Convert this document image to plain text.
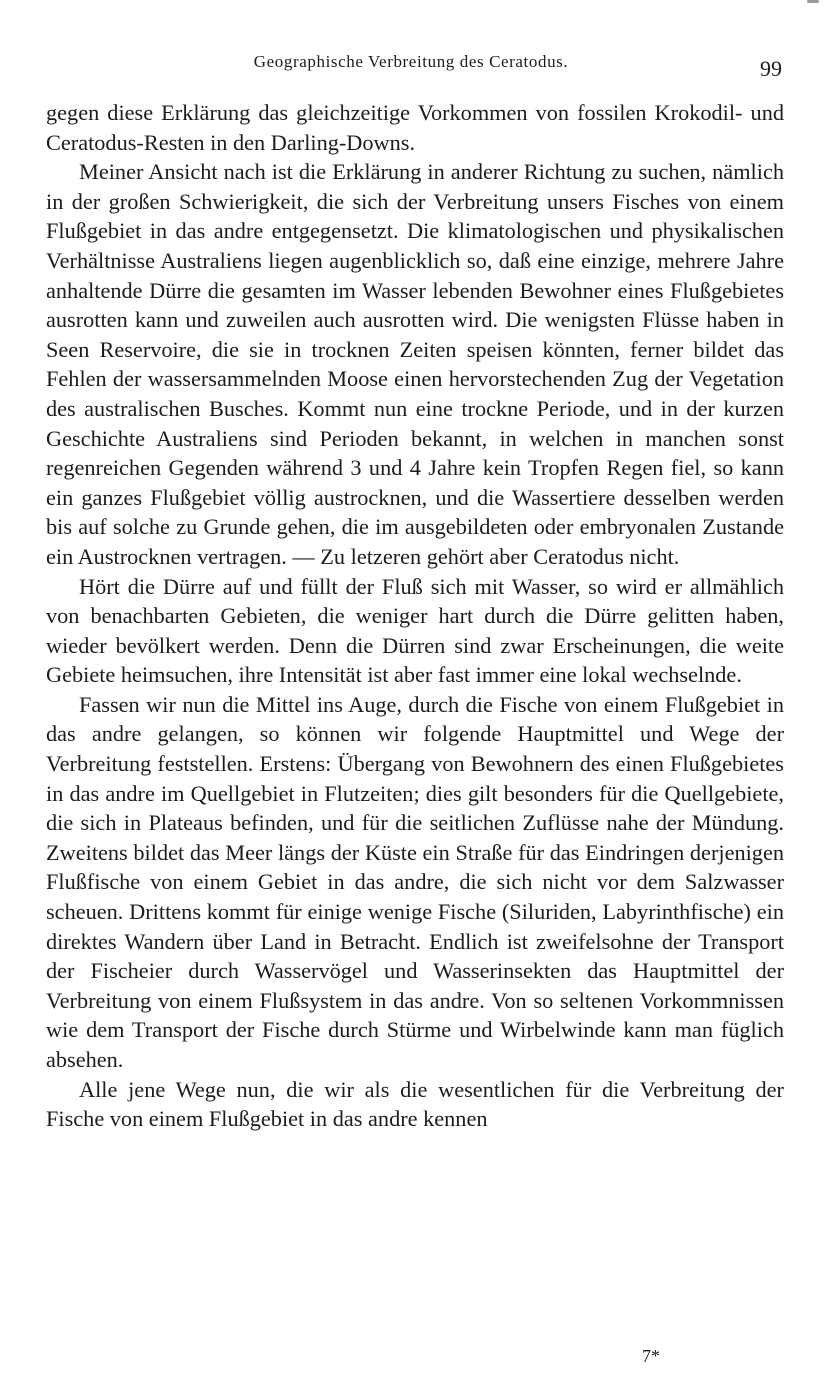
Geographische Verbreitung des Ceratodus.	99

gegen diese Erklärung das gleichzeitige Vorkommen von fossilen Krokodil- und Ceratodus-Resten in den Darling-Downs.

Meiner Ansicht nach ist die Erklärung in anderer Richtung zu suchen, nämlich in der großen Schwierigkeit, die sich der Verbreitung unsers Fisches von einem Flußgebiet in das andre entgegensetzt. Die klimatologischen und physikalischen Verhältnisse Australiens liegen augenblicklich so, daß eine einzige, mehrere Jahre anhaltende Dürre die gesamten im Wasser lebenden Bewohner eines Flußgebietes ausrotten kann und zuweilen auch ausrotten wird. Die wenigsten Flüsse haben in Seen Reservoire, die sie in trocknen Zeiten speisen könnten, ferner bildet das Fehlen der wassersammelnden Moose einen hervorstechenden Zug der Vegetation des australischen Busches. Kommt nun eine trockne Periode, und in der kurzen Geschichte Australiens sind Perioden bekannt, in welchen in manchen sonst regenreichen Gegenden während 3 und 4 Jahre kein Tropfen Regen fiel, so kann ein ganzes Flußgebiet völlig austrocknen, und die Wassertiere desselben werden bis auf solche zu Grunde gehen, die im ausgebildeten oder embryonalen Zustande ein Austrocknen vertragen. — Zu letzeren gehört aber Ceratodus nicht.

Hört die Dürre auf und füllt der Fluß sich mit Wasser, so wird er allmählich von benachbarten Gebieten, die weniger hart durch die Dürre gelitten haben, wieder bevölkert werden. Denn die Dürren sind zwar Erscheinungen, die weite Gebiete heimsuchen, ihre Intensität ist aber fast immer eine lokal wechselnde.

Fassen wir nun die Mittel ins Auge, durch die Fische von einem Flußgebiet in das andre gelangen, so können wir folgende Hauptmittel und Wege der Verbreitung feststellen. Erstens: Übergang von Bewohnern des einen Flußgebietes in das andre im Quellgebiet in Flutzeiten; dies gilt besonders für die Quellgebiete, die sich in Plateaus befinden, und für die seitlichen Zuflüsse nahe der Mündung. Zweitens bildet das Meer längs der Küste ein Straße für das Eindringen derjenigen Flußfische von einem Gebiet in das andre, die sich nicht vor dem Salzwasser scheuen. Drittens kommt für einige wenige Fische (Siluriden, Labyrinthfische) ein direktes Wandern über Land in Betracht. Endlich ist zweifelsohne der Transport der Fischeier durch Wasservögel und Wasserinsekten das Hauptmittel der Verbreitung von einem Flußsystem in das andre. Von so seltenen Vorkommnissen wie dem Transport der Fische durch Stürme und Wirbelwinde kann man füglich absehen.

Alle jene Wege nun, die wir als die wesentlichen für die Verbreitung der Fische von einem Flußgebiet in das andre kennen

7*
